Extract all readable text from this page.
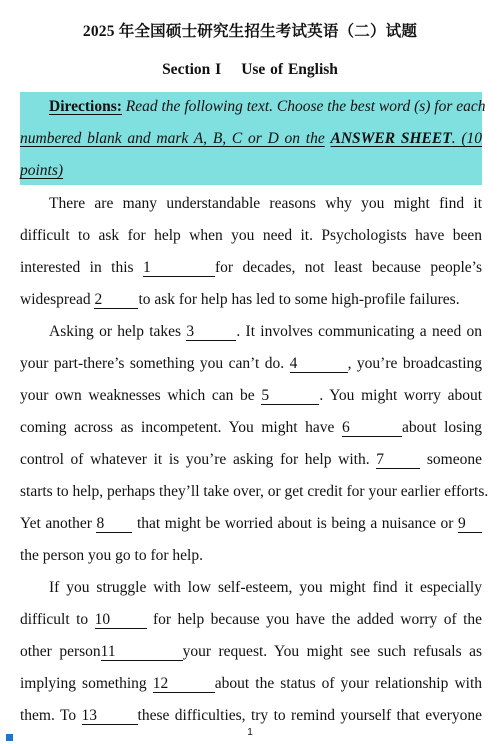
2025 年全国硕士研究生招生考试英语（二）试题
Section I Use of English
Directions: Read the following text. Choose the best word (s) for each
numbered blank and mark A, B, C or D on the ANSWER SHEET. (10
points)
There are many understandable reasons why you might find it
difficult to ask for help when you need it. Psychologists have been
interested in this 1	for decades, not least because people’s
widespread 2 to ask for help has led to some high-profile failures.
Asking or help takes 3	. It involves communicating a need on
your part-there’s something you can’t do. 4	, you’re broadcasting
your own weaknesses which can be 5	. You might worry about
coming across as incompetent. You might have 6	about losing
control of whatever it is you’re asking for help with. 7	someone
starts to help, perhaps they’ll take over, or get credit for your earlier efforts.
Yet another 8 that might be worried about is being a nuisance or 9
the person you go to for help.
If you struggle with low self-esteem, you might find it especially
difficult to 10	for help because you have the added worry of the
other person11	your request. You might see such refusals as
implying something 12	about the status of your relationship with
them. To 13	these difficulties, try to remind yourself that everyone
1
